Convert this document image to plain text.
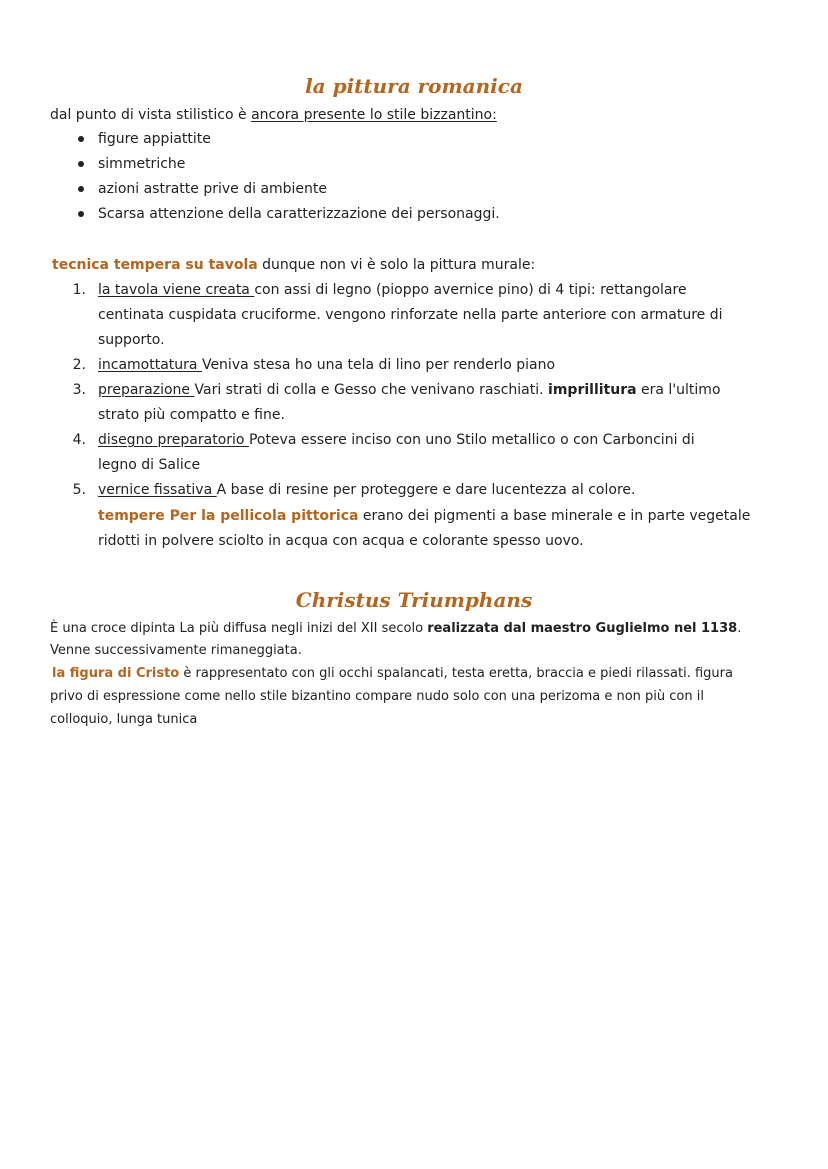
la pittura romanica
dal punto di vista stilistico è ancora presente lo stile bizzantino:
figure appiattite
simmetriche
azioni astratte prive di ambiente
Scarsa attenzione della caratterizzazione dei personaggi.
tecnica tempera su tavola dunque non vi è solo la pittura murale:
1. la tavola viene creata con assi di legno (pioppo avernice pino) di 4 tipi: rettangolare
centinata cuspidata cruciforme. vengono rinforzate nella parte anteriore con armature di
supporto.
2. incamottatura Veniva stesa ho una tela di lino per renderlo piano
3. preparazione Vari strati di colla e Gesso che venivano raschiati. imprillitura era l'ultimo
strato più compatto e fine.
4. disegno preparatorio Poteva essere inciso con uno Stilo metallico o con Carboncini di
legno di Salice
5. vernice fissativa A base di resine per proteggere e dare lucentezza al colore.
tempere Per la pellicola pittorica erano dei pigmenti a base minerale e in parte vegetale
ridotti in polvere sciolto in acqua con acqua e colorante spesso uovo.
Christus Triumphans
È una croce dipinta La più diffusa negli inizi del XII secolo realizzata dal maestro Guglielmo nel 1138.
Venne successivamente rimaneggiata.
la figura di Cristo è rappresentato con gli occhi spalancati, testa eretta, braccia e piedi rilassati. figura
privo di espressione come nello stile bizantino compare nudo solo con una perizoma e non più con il
colloquio, lunga tunica
